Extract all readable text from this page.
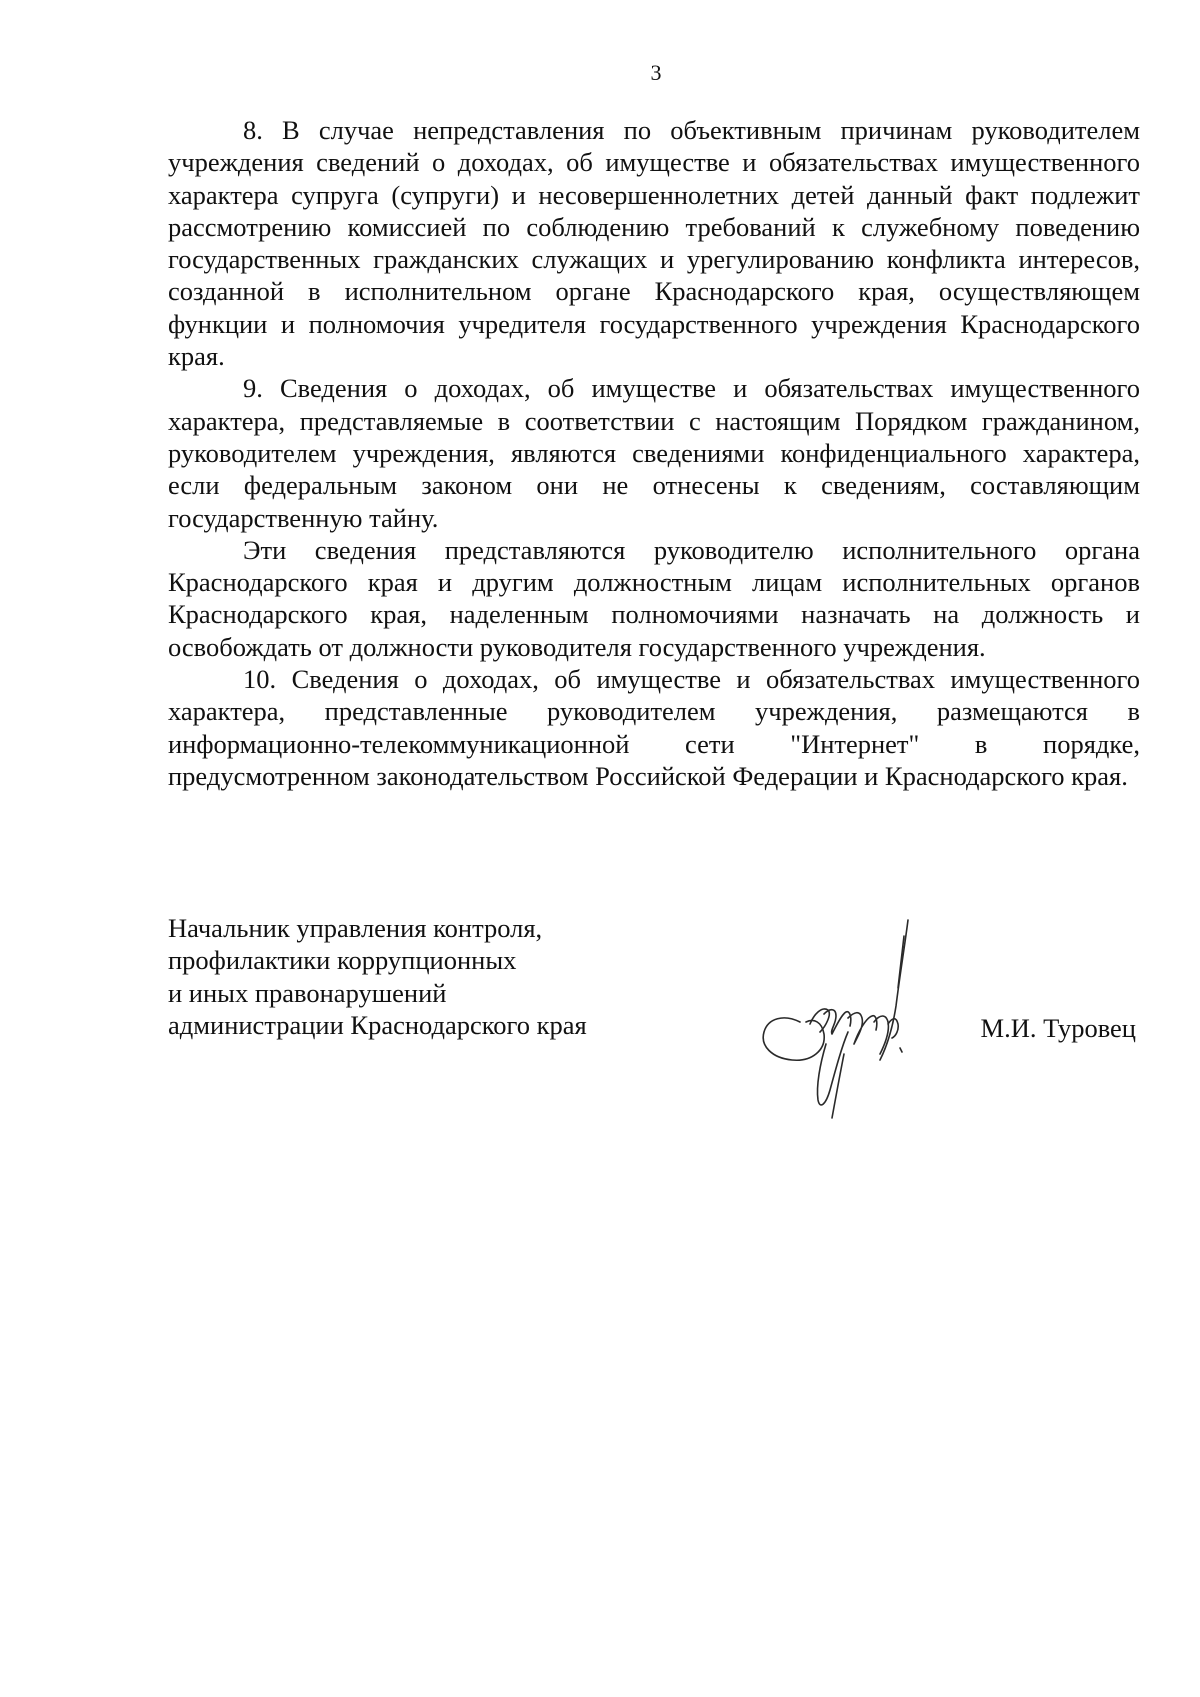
3

8. В случае непредставления по объективным причинам руководителем учреждения сведений о доходах, об имуществе и обязательствах имущественного характера супруга (супруги) и несовершеннолетних детей данный факт подлежит рассмотрению комиссией по соблюдению требований к служебному поведению государственных гражданских служащих и урегулированию конфликта интересов, созданной в исполнительном органе Краснодарского края, осуществляющем функции и полномочия учредителя государственного учреждения Краснодарского края.

9. Сведения о доходах, об имуществе и обязательствах имущественного характера, представляемые в соответствии с настоящим Порядком гражданином, руководителем учреждения, являются сведениями конфиденциального характера, если федеральным законом они не отнесены к сведениям, составляющим государственную тайну.

Эти сведения представляются руководителю исполнительного органа Краснодарского края и другим должностным лицам исполнительных органов Краснодарского края, наделенным полномочиями назначать на должность и освобождать от должности руководителя государственного учреждения.

10. Сведения о доходах, об имуществе и обязательствах имущественного характера, представленные руководителем учреждения, размещаются в информационно-телекоммуникационной сети "Интернет" в порядке, предусмотренном законодательством Российской Федерации и Краснодарского края.

Начальник управления контроля,
профилактики коррупционных
и иных правонарушений
администрации Краснодарского края	М.И. Туровец
